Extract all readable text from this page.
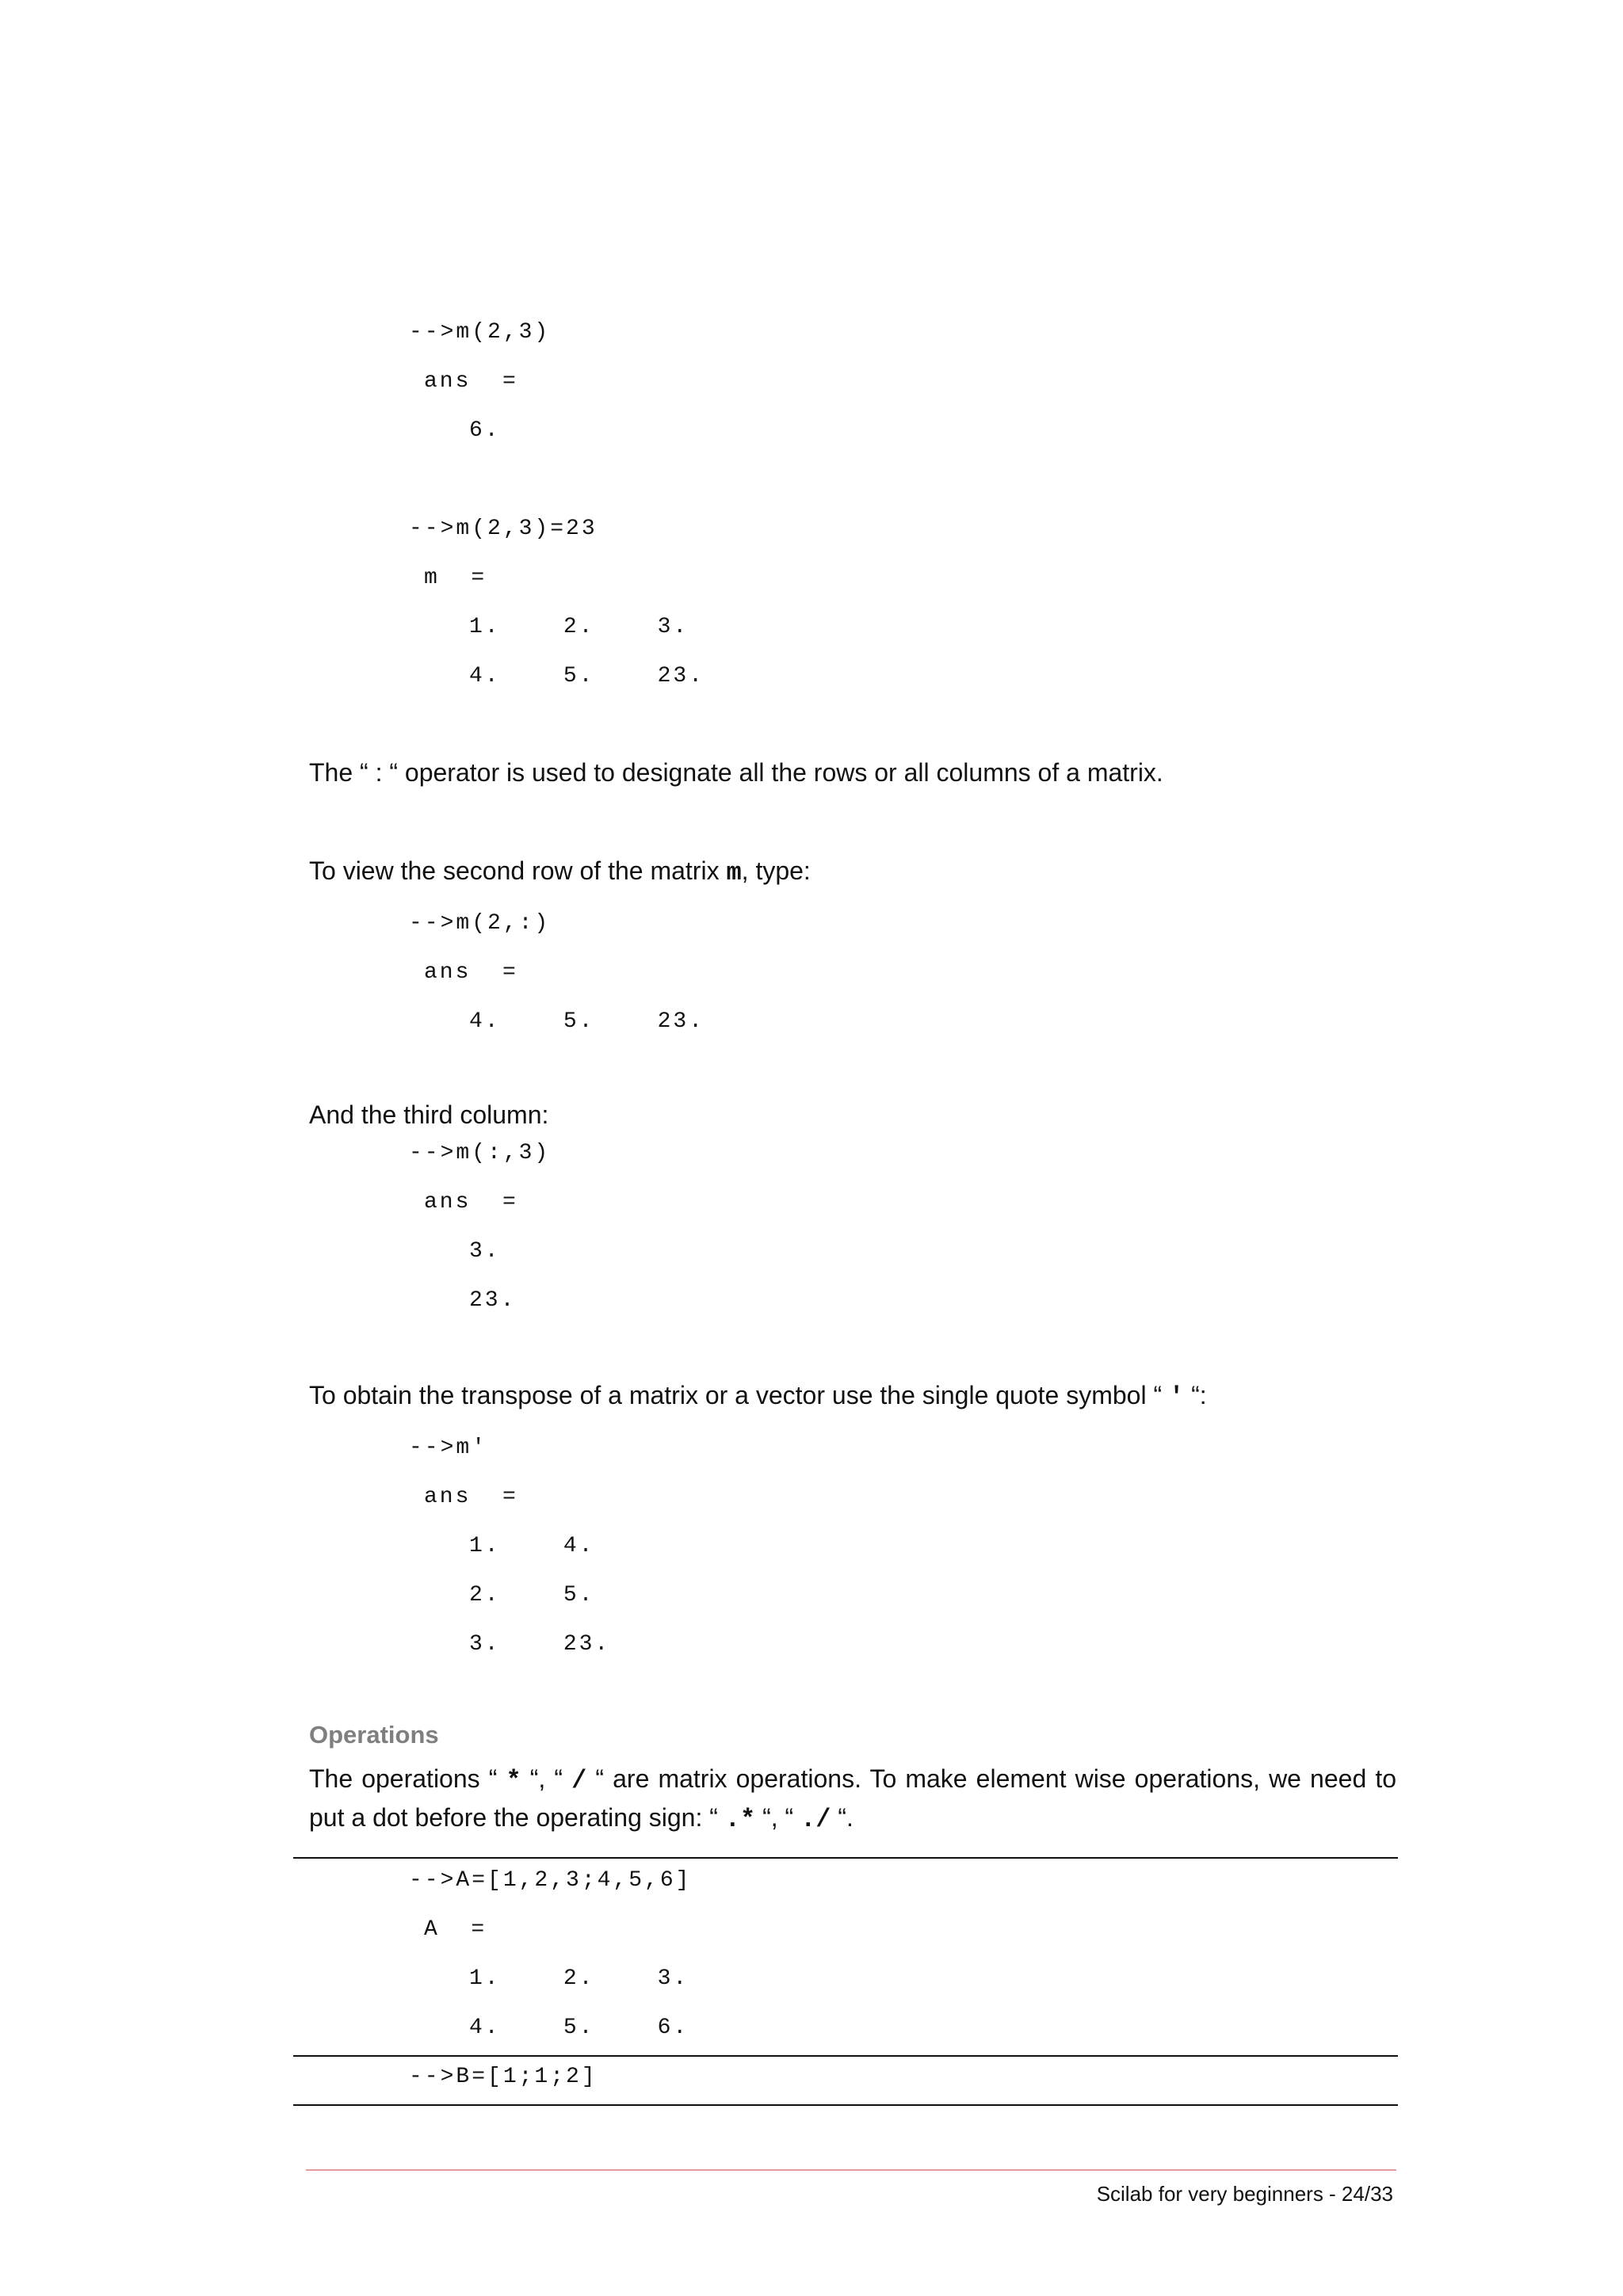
-->m(2,3)
ans  =
6.
-->m(2,3)=23
m  =
1.    2.    3.
4.    5.    23.
The “ : “ operator is used to designate all the rows or all columns of a matrix.
To view the second row of the matrix m, type:
-->m(2,:)
ans  =
4.    5.    23.
And the third column:
-->m(:,3)
ans  =
3.
23.
To obtain the transpose of a matrix or a vector use the single quote symbol “ ' “:
-->m'
ans  =
1.    4.
2.    5.
3.    23.
Operations
The operations “ * “, “ / “ are matrix operations. To make element wise operations, we need to put a dot before the operating sign: “ .* “, “ ./ “.
-->A=[1,2,3;4,5,6]
A  =
1.    2.    3.
4.    5.    6.
-->B=[1;1;2]
Scilab for very beginners - 24/33
